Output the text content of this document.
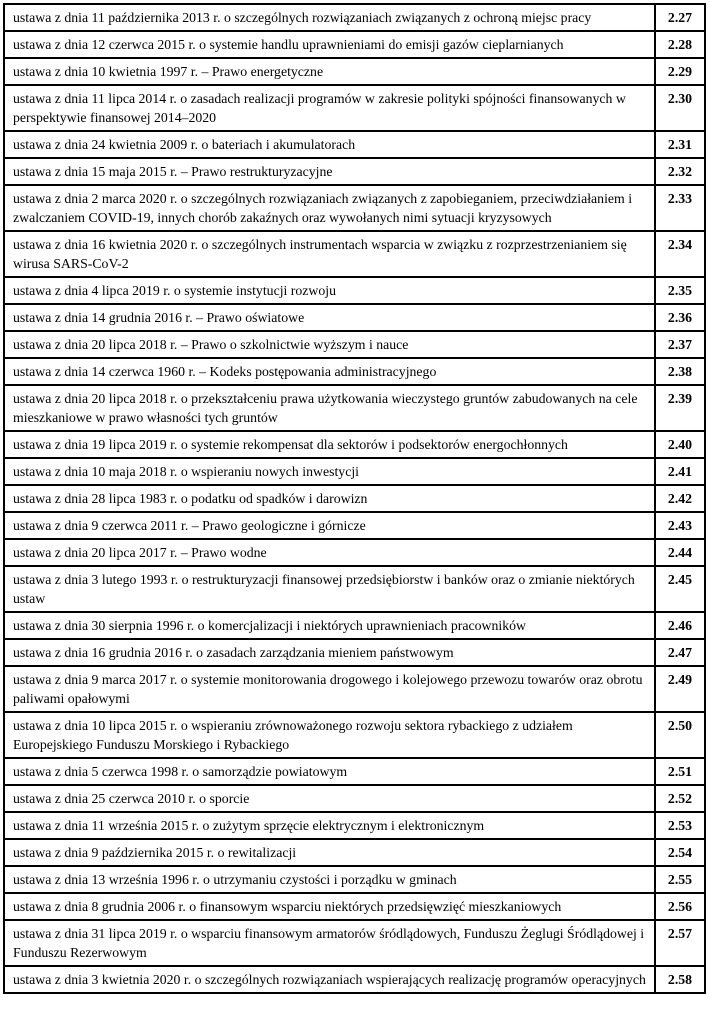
ustawa z dnia 11 października 2013 r. o szczególnych rozwiązaniach związanych z ochroną miejsc pracy	2.27
ustawa z dnia 12 czerwca 2015 r. o systemie handlu uprawnieniami do emisji gazów cieplarnianych	2.28
ustawa z dnia 10 kwietnia 1997 r. – Prawo energetyczne	2.29
ustawa z dnia 11 lipca 2014 r. o zasadach realizacji programów w zakresie polityki spójności finansowanych w perspektywie finansowej 2014–2020	2.30
ustawa z dnia 24 kwietnia 2009 r. o bateriach i akumulatorach	2.31
ustawa z dnia 15 maja 2015 r. – Prawo restrukturyzacyjne	2.32
ustawa z dnia 2 marca 2020 r. o szczególnych rozwiązaniach związanych z zapobieganiem, przeciwdziałaniem i zwalczaniem COVID-19, innych chorób zakaźnych oraz wywołanych nimi sytuacji kryzysowych	2.33
ustawa z dnia 16 kwietnia 2020 r. o szczególnych instrumentach wsparcia w związku z rozprzestrzenianiem się wirusa SARS-CoV-2	2.34
ustawa z dnia 4 lipca 2019 r. o systemie instytucji rozwoju	2.35
ustawa z dnia 14 grudnia 2016 r. – Prawo oświatowe	2.36
ustawa z dnia 20 lipca 2018 r. – Prawo o szkolnictwie wyższym i nauce	2.37
ustawa z dnia 14 czerwca 1960 r. – Kodeks postępowania administracyjnego	2.38
ustawa z dnia 20 lipca 2018 r. o przekształceniu prawa użytkowania wieczystego gruntów zabudowanych na cele mieszkaniowe w prawo własności tych gruntów	2.39
ustawa z dnia 19 lipca 2019 r. o systemie rekompensat dla sektorów i podsektorów energochłonnych	2.40
ustawa z dnia 10 maja 2018 r. o wspieraniu nowych inwestycji	2.41
ustawa z dnia 28 lipca 1983 r. o podatku od spadków i darowizn	2.42
ustawa z dnia 9 czerwca 2011 r. – Prawo geologiczne i górnicze	2.43
ustawa z dnia 20 lipca 2017 r. – Prawo wodne	2.44
ustawa z dnia 3 lutego 1993 r. o restrukturyzacji finansowej przedsiębiorstw i banków oraz o zmianie niektórych ustaw	2.45
ustawa z dnia 30 sierpnia 1996 r. o komercjalizacji i niektórych uprawnieniach pracowników	2.46
ustawa z dnia 16 grudnia 2016 r. o zasadach zarządzania mieniem państwowym	2.47
ustawa z dnia 9 marca 2017 r. o systemie monitorowania drogowego i kolejowego przewozu towarów oraz obrotu paliwami opałowymi	2.49
ustawa z dnia 10 lipca 2015 r. o wspieraniu zrównoważonego rozwoju sektora rybackiego z udziałem Europejskiego Funduszu Morskiego i Rybackiego	2.50
ustawa z dnia 5 czerwca 1998 r. o samorządzie powiatowym	2.51
ustawa z dnia 25 czerwca 2010 r. o sporcie	2.52
ustawa z dnia 11 września 2015 r. o zużytym sprzęcie elektrycznym i elektronicznym	2.53
ustawa z dnia 9 października 2015 r. o rewitalizacji	2.54
ustawa z dnia 13 września 1996 r. o utrzymaniu czystości i porządku w gminach	2.55
ustawa z dnia 8 grudnia 2006 r. o finansowym wsparciu niektórych przedsięwzięć mieszkaniowych	2.56
ustawa z dnia 31 lipca 2019 r. o wsparciu finansowym armatorów śródlądowych, Funduszu Żeglugi Śródlądowej i Funduszu Rezerwowym	2.57
ustawa z dnia 3 kwietnia 2020 r. o szczególnych rozwiązaniach wspierających realizację programów operacyjnych	2.58
